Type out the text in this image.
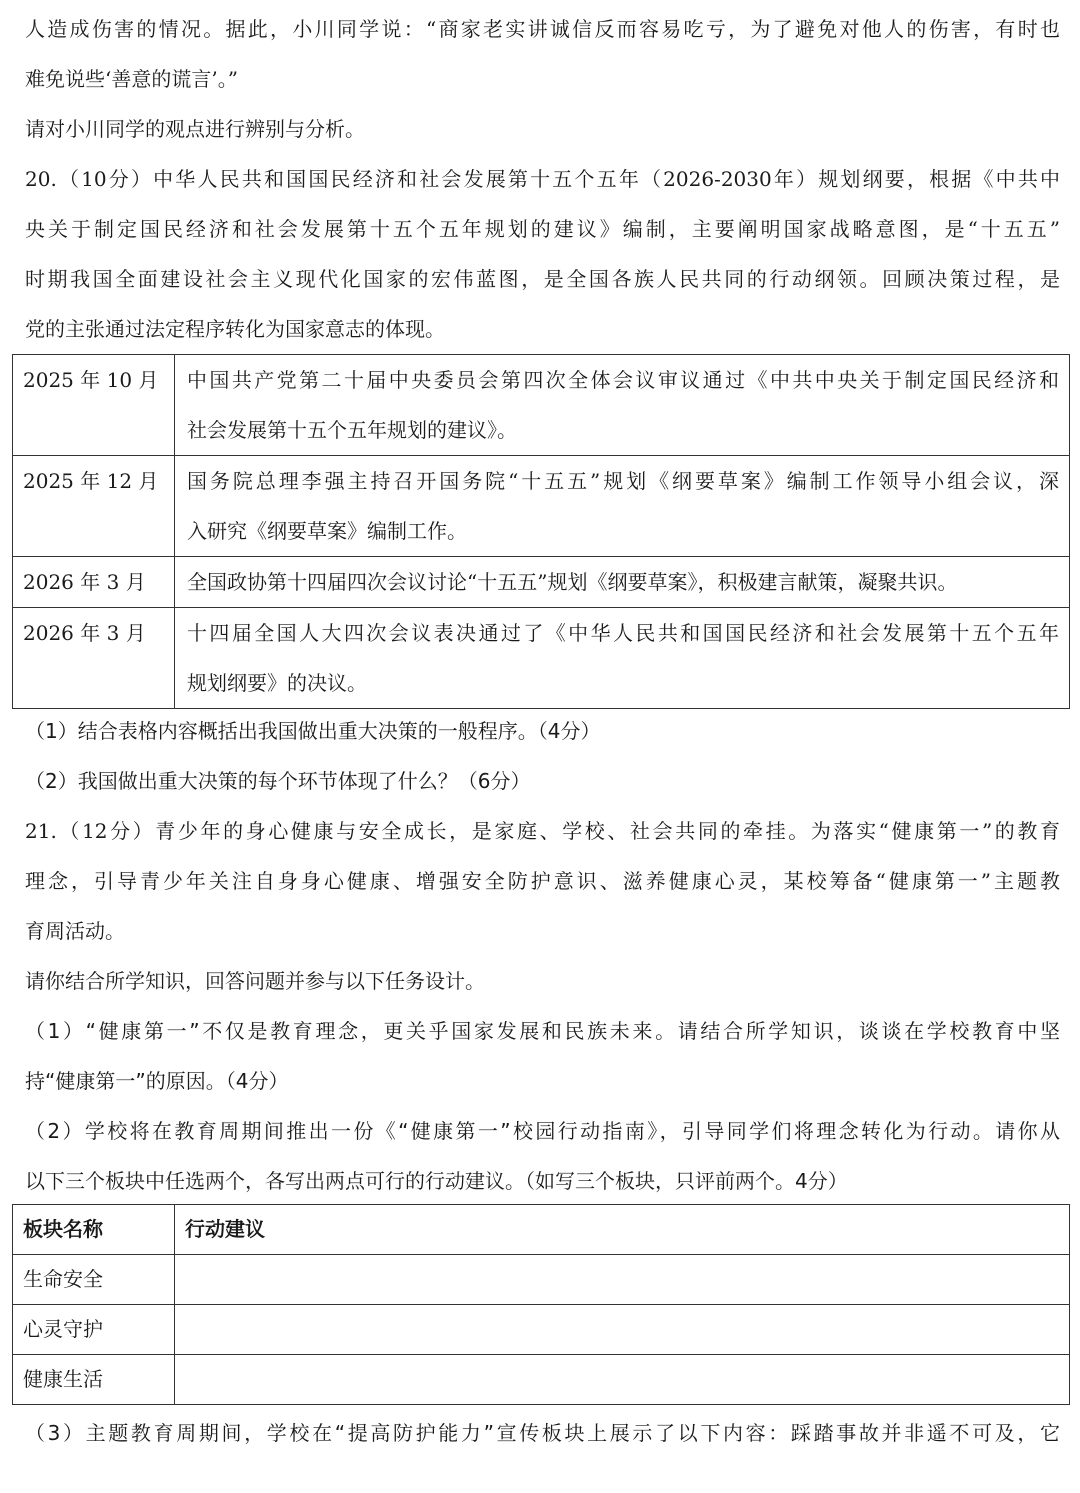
人造成伤害的情况。据此，小川同学说：“商家老实讲诚信反而容易吃亏，为了避免对他人的伤害，有时也
难免说些‘善意的谎言’。”
请对小川同学的观点进行辨别与分析。
20.（10分）中华人民共和国国民经济和社会发展第十五个五年（2026-2030年）规划纲要，根据《中共中
央关于制定国民经济和社会发展第十五个五年规划的建议》编制，主要阐明国家战略意图，是“十五五”
时期我国全面建设社会主义现代化国家的宏伟蓝图，是全国各族人民共同的行动纲领。回顾决策过程，是
党的主张通过法定程序转化为国家意志的体现。
2025 年 10 月	中国共产党第二十届中央委员会第四次全体会议审议通过《中共中央关于制定国民经济和
社会发展第十五个五年规划的建议》。

2025 年 12 月	国务院总理李强主持召开国务院“十五五”规划《纲要草案》编制工作领导小组会议，深
入研究《纲要草案》编制工作。

2026 年 3 月	全国政协第十四届四次会议讨论“十五五”规划《纲要草案》，积极建言献策，凝聚共识。

2026 年 3 月	十四届全国人大四次会议表决通过了《中华人民共和国国民经济和社会发展第十五个五年
规划纲要》的决议。
（1）结合表格内容概括出我国做出重大决策的一般程序。（4分）
（2）我国做出重大决策的每个环节体现了什么？（6分）
21.（12分）青少年的身心健康与安全成长，是家庭、学校、社会共同的牵挂。为落实“健康第一”的教育
理念，引导青少年关注自身身心健康、增强安全防护意识、滋养健康心灵，某校筹备“健康第一”主题教
育周活动。
请你结合所学知识，回答问题并参与以下任务设计。
（1）“健康第一”不仅是教育理念，更关乎国家发展和民族未来。请结合所学知识，谈谈在学校教育中坚
持“健康第一”的原因。（4分）
（2）学校将在教育周期间推出一份《“健康第一”校园行动指南》，引导同学们将理念转化为行动。请你从
以下三个板块中任选两个，各写出两点可行的行动建议。（如写三个板块，只评前两个。4分）
板块名称	行动建议
生命安全	
心灵守护	
健康生活	
（3）主题教育周期间，学校在“提高防护能力”宣传板块上展示了以下内容：踩踏事故并非遥不可及，它
